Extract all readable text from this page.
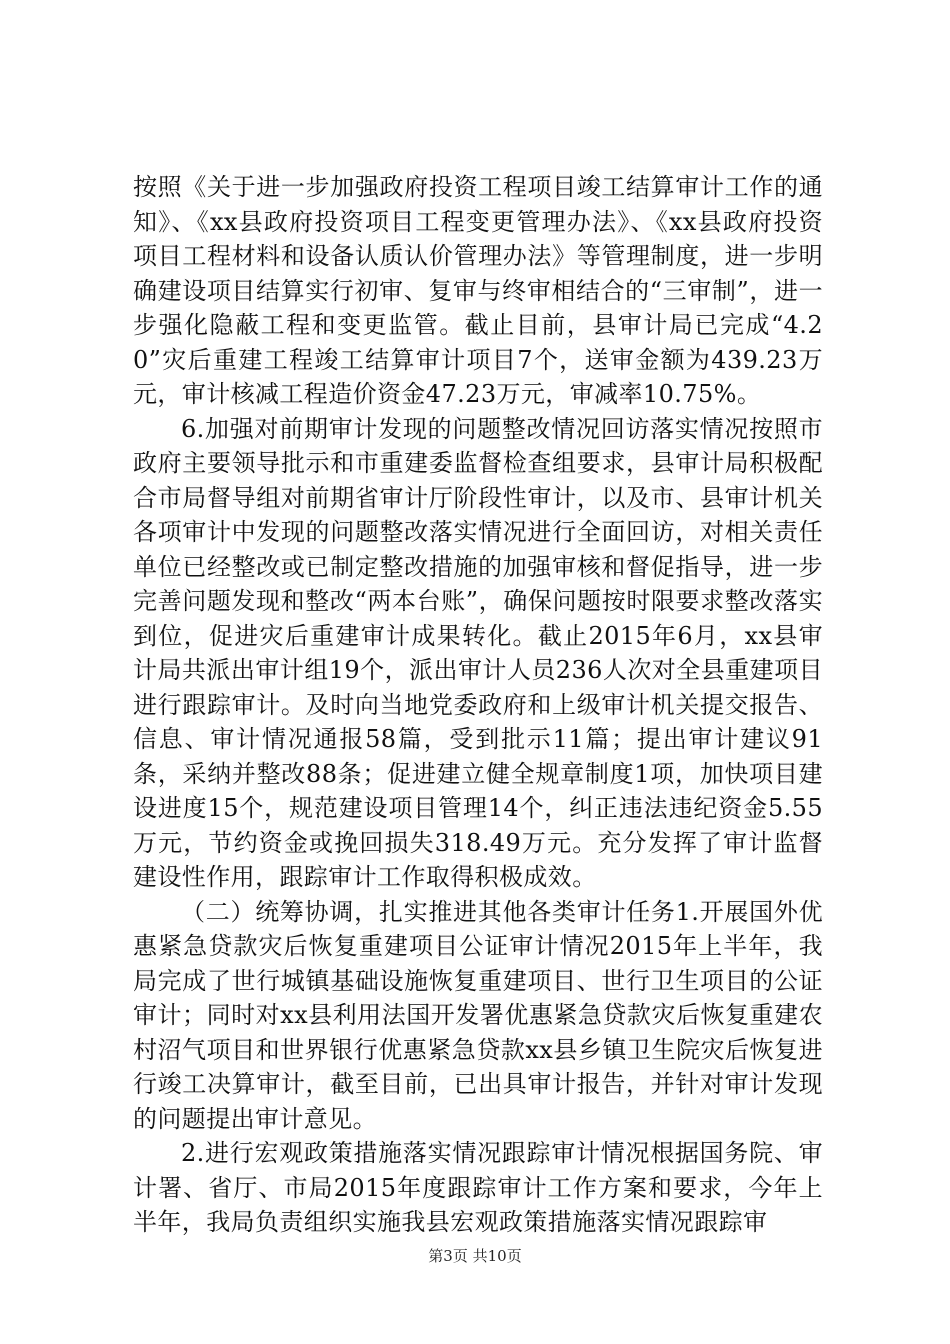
按照《关于进一步加强政府投资工程项目竣工结算审计工作的通知》、《xx县政府投资项目工程变更管理办法》、《xx县政府投资项目工程材料和设备认质认价管理办法》等管理制度，进一步明确建设项目结算实行初审、复审与终审相结合的“三审制”，进一步强化隐蔽工程和变更监管。截止目前，县审计局已完成“4.20”灾后重建工程竣工结算审计项目7个，送审金额为439.23万元，审计核减工程造价资金47.23万元，审减率10.75%。

6.加强对前期审计发现的问题整改情况回访落实情况按照市政府主要领导批示和市重建委监督检查组要求，县审计局积极配合市局督导组对前期省审计厅阶段性审计，以及市、县审计机关各项审计中发现的问题整改落实情况进行全面回访，对相关责任单位已经整改或已制定整改措施的加强审核和督促指导，进一步完善问题发现和整改“两本台账”，确保问题按时限要求整改落实到位，促进灾后重建审计成果转化。截止2015年6月，xx县审计局共派出审计组19个，派出审计人员236人次对全县重建项目进行跟踪审计。及时向当地党委政府和上级审计机关提交报告、信息、审计情况通报58篇，受到批示11篇；提出审计建议91条，采纳并整改88条；促进建立健全规章制度1项，加快项目建设进度15个，规范建设项目管理14个，纠正违法违纪资金5.55万元，节约资金或挽回损失318.49万元。充分发挥了审计监督建设性作用，跟踪审计工作取得积极成效。

（二）统筹协调，扎实推进其他各类审计任务1.开展国外优惠紧急贷款灾后恢复重建项目公证审计情况2015年上半年，我局完成了世行城镇基础设施恢复重建项目、世行卫生项目的公证审计；同时对xx县利用法国开发署优惠紧急贷款灾后恢复重建农村沼气项目和世界银行优惠紧急贷款xx县乡镇卫生院灾后恢复进行竣工决算审计，截至目前，已出具审计报告，并针对审计发现的问题提出审计意见。

2.进行宏观政策措施落实情况跟踪审计情况根据国务院、审计署、省厅、市局2015年度跟踪审计工作方案和要求，今年上半年，我局负责组织实施我县宏观政策措施落实情况跟踪审

第3页 共10页
